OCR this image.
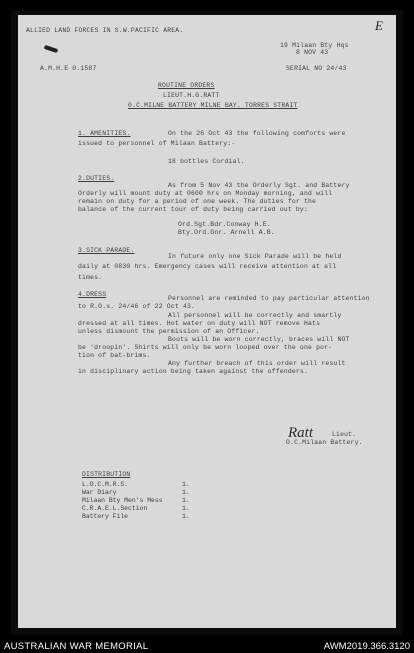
E
ALLIED LAND FORCES IN S.W.PACIFIC AREA.
19 Milaan Bty Hqs
8 NOV 43
A.M.H.E 0.1587	SERIAL NO 24/43
ROUTINE ORDERS
LIEUT.H.G.RATT
0.C.MILNE BATTERY MILNE BAY. TORRES STRAIT
1. AMENITIES.	On the 26 Oct 43 the following comforts were
issued to personnel of Milaan Battery:-
18 bottles Cordial.
2.DUTIES.
As from 5 Nov 43 the Orderly Sgt. and Battery
Orderly will mount duty at 0600 hrs on Monday morning, and will
remain on duty for a period of one week. The duties for the
balance of the current tour of duty being carried out by:
Ord.Sgt.Bdr.Conway H.E.
Bty.Ord.Gnr. Arnell A.B.
3.SICK PARADE.
In future only one Sick Parade will be held
daily at 0830 hrs. Emergency cases will receive attention at all
times.
4.DRESS
Personnel are reminded to pay particular attention
to R.O.s. 24/46 of 22 Oct 43.
All personnel will be correctly and smartly
dressed at all times. Hot water on duty will NOT remove Hats
unless dismount the permission of an Officer.
Boots will be worn correctly, braces will NOT
be 'droopin'. Shirts will only be worn looped over the one por-
tion of bat-brims.
Any further breach of this order will result
in disciplinary action being taken against the offenders.
Ratt	Lieut.
O.C.Milaan Battery.
DISTRIBUTION
L.O.C.M.R.S.	1.
War Diary	1.
Milaan Bty Men's Mess	1.
C.R.A.E.L.Section	1.
Battery File	1.
AUSTRALIAN WAR MEMORIAL	AWM2019.366.3120
